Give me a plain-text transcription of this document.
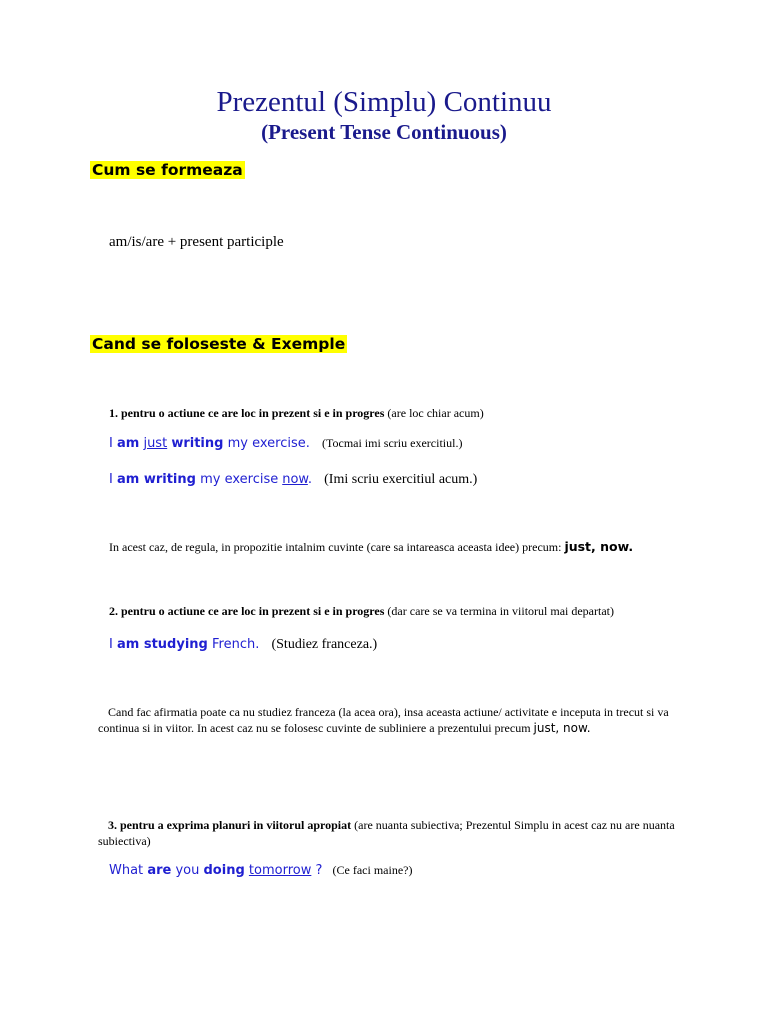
Prezentul (Simplu) Continuu
(Present Tense Continuous)
Cum se formeaza
am/is/are + present participle
Cand se foloseste & Exemple
1. pentru o actiune ce are loc in prezent si e in progres (are loc chiar acum)
I am just writing my exercise. (Tocmai imi scriu exercitiul.)
I am writing my exercise now. (Imi scriu exercitiul acum.)
In acest caz, de regula, in propozitie intalnim cuvinte (care sa intareasca aceasta idee) precum: just, now.
2. pentru o actiune ce are loc in prezent si e in progres (dar care se va termina in viitorul mai departat)
I am studying French. (Studiez franceza.)
Cand fac afirmatia poate ca nu studiez franceza (la acea ora), insa aceasta actiune/ activitate e inceputa in trecut si va continua si in viitor. In acest caz nu se folosesc cuvinte de subliniere a prezentului precum just, now.
3. pentru a exprima planuri in viitorul apropiat (are nuanta subiectiva; Prezentul Simplu in acest caz nu are nuanta subiectiva)
What are you doing tomorrow ? (Ce faci maine?)
